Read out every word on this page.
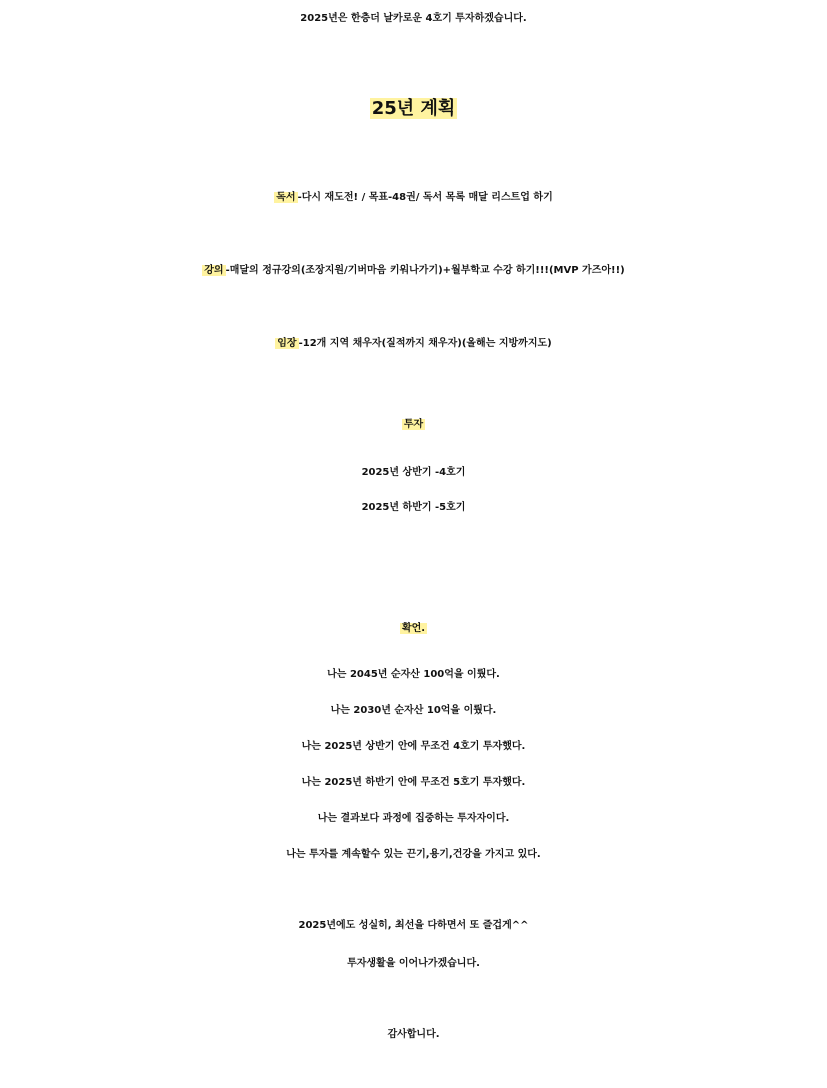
2025년은 한층더 날카로운 4호기 투자하겠습니다.
25년 계획
독서 -다시 재도전! / 목표-48권/ 독서 목록 매달 리스트업 하기
강의 -매달의 정규강의(조장지원/기버마음 키워나가기)+월부학교 수강 하기!!!(MVP 가즈아!!)
임장 -12개 지역 채우자(질적까지 채우자)(올해는 지방까지도)
투자
2025년 상반기 -4호기
2025년 하반기 -5호기
확언.
나는 2045년 순자산 100억을 이뤘다.
나는 2030년 순자산 10억을 이뤘다.
나는 2025년 상반기 안에 무조건 4호기 투자했다.
나는 2025년 하반기 안에 무조건 5호기 투자했다.
나는 결과보다 과정에 집중하는 투자자이다.
나는 투자를 계속할수 있는 끈기,용기,건강을 가지고 있다.
2025년에도 성실히, 최선을 다하면서 또 즐겁게^^
투자생활을 이어나가겠습니다.
감사합니다.
